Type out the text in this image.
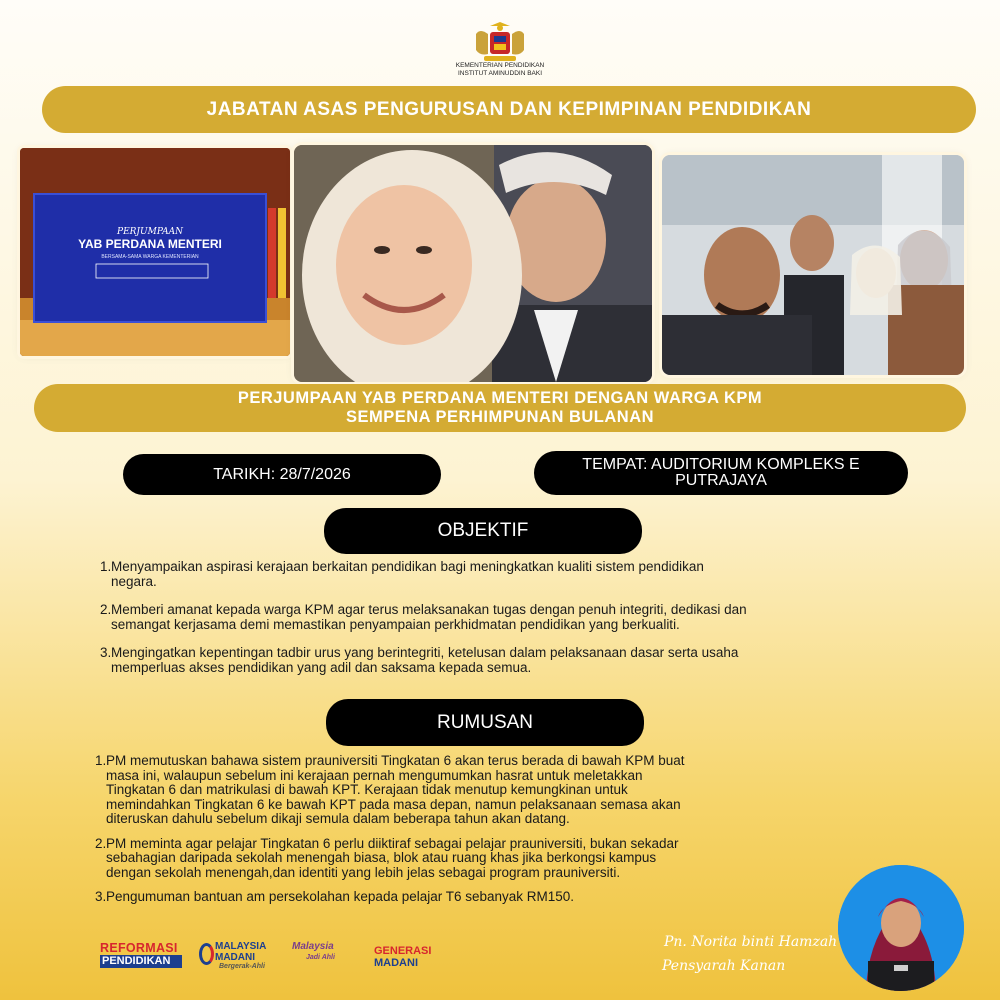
KEMENTERIAN PENDIDIKAN
INSTITUT AMINUDDIN BAKI
JABATAN ASAS PENGURUSAN DAN KEPIMPINAN PENDIDIKAN
PERJUMPAAN
YAB PERDANA MENTERI
BERSAMA-SAMA WARGA KEMENTERIAN
PERJUMPAAN YAB PERDANA MENTERI DENGAN WARGA KPM
SEMPENA PERHIMPUNAN BULANAN
TARIKH: 28/7/2026
TEMPAT: AUDITORIUM KOMPLEKS E
PUTRAJAYA
OBJEKTIF
1. Menyampaikan aspirasi kerajaan berkaitan pendidikan bagi meningkatkan kualiti sistem pendidikan
negara.
2. Memberi amanat kepada warga KPM agar terus melaksanakan tugas dengan penuh integriti, dedikasi dan
semangat kerjasama demi memastikan penyampaian perkhidmatan pendidikan yang berkualiti.
3. Mengingatkan kepentingan tadbir urus yang berintegriti, ketelusan dalam pelaksanaan dasar serta usaha
memperluas akses pendidikan yang adil dan saksama kepada semua.
RUMUSAN
1. PM memutuskan bahawa sistem prauniversiti Tingkatan 6 akan terus berada di bawah KPM buat
masa ini, walaupun sebelum ini kerajaan pernah mengumumkan hasrat untuk meletakkan
Tingkatan 6 dan matrikulasi di bawah KPT. Kerajaan tidak menutup kemungkinan untuk
memindahkan Tingkatan 6 ke bawah KPT pada masa depan, namun pelaksanaan semasa akan
diteruskan dahulu sebelum dikaji semula dalam beberapa tahun akan datang.
2. PM meminta agar pelajar Tingkatan 6 perlu diiktiraf sebagai pelajar prauniversiti, bukan sekadar
sebahagian daripada sekolah menengah biasa, blok atau ruang khas jika berkongsi kampus
dengan sekolah menengah,dan identiti yang lebih jelas sebagai program prauniversiti.
3. Pengumuman bantuan am persekolahan kepada pelajar T6 sebanyak RM150.
REFORMASI
PENDIDIKAN
MALAYSIA
MADANI
Bergerak-Ahli
Malaysia
Jadi Ahli
GENERASI
MADANI
Pn. Norita binti Hamzah
Pensyarah Kanan
